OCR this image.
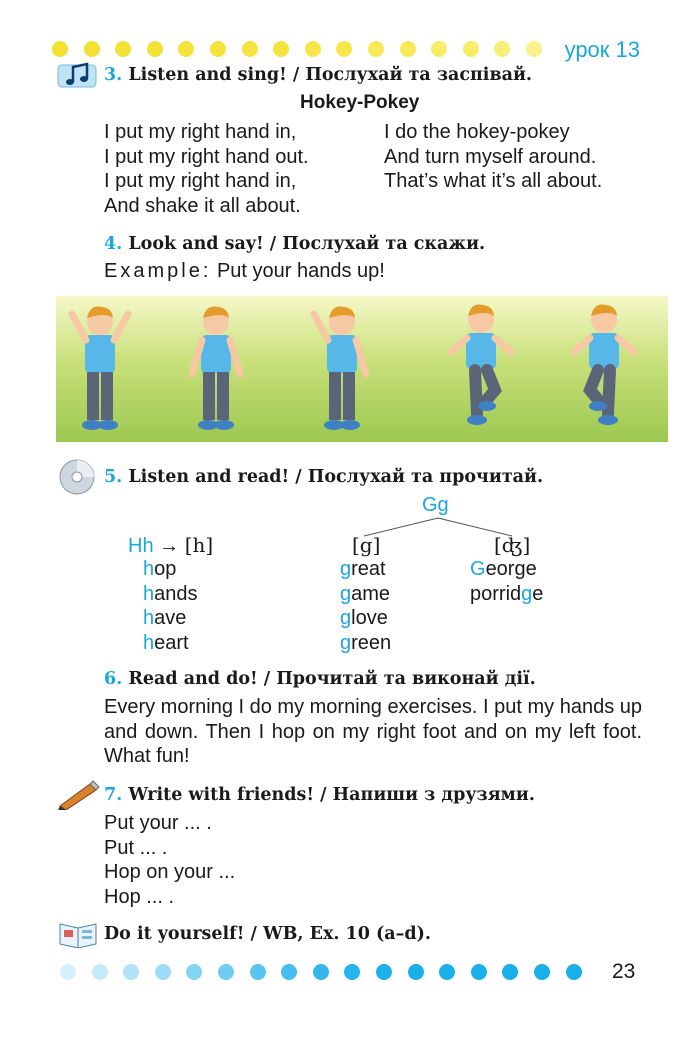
урок 13
3. Listen and sing! / Послухай та заспівай.
Hokey-Pokey
I put my right hand in,
I put my right hand out.
I put my right hand in,
And shake it all about.
I do the hokey-pokey
And turn myself around.
That’s what it’s all about.
4. Look and say! / Послухай та скажи.
Example: Put your hands up!
5. Listen and read! / Послухай та прочитай.
Gg
Hh → [h]	[g]	[ʤ]
hop
hands
have
heart
great
game
glove
green
George
porridge
6. Read and do! / Прочитай та виконай дії.
Every morning I do my morning exercises. I put my hands up and down. Then I hop on my right foot and on my left foot. What fun!
7. Write with friends! / Напиши з друзями.
Put your ... .
Put ... .
Hop on your ...
Hop ... .
Do it yourself! / WB, Ex. 10 (a–d).
23
